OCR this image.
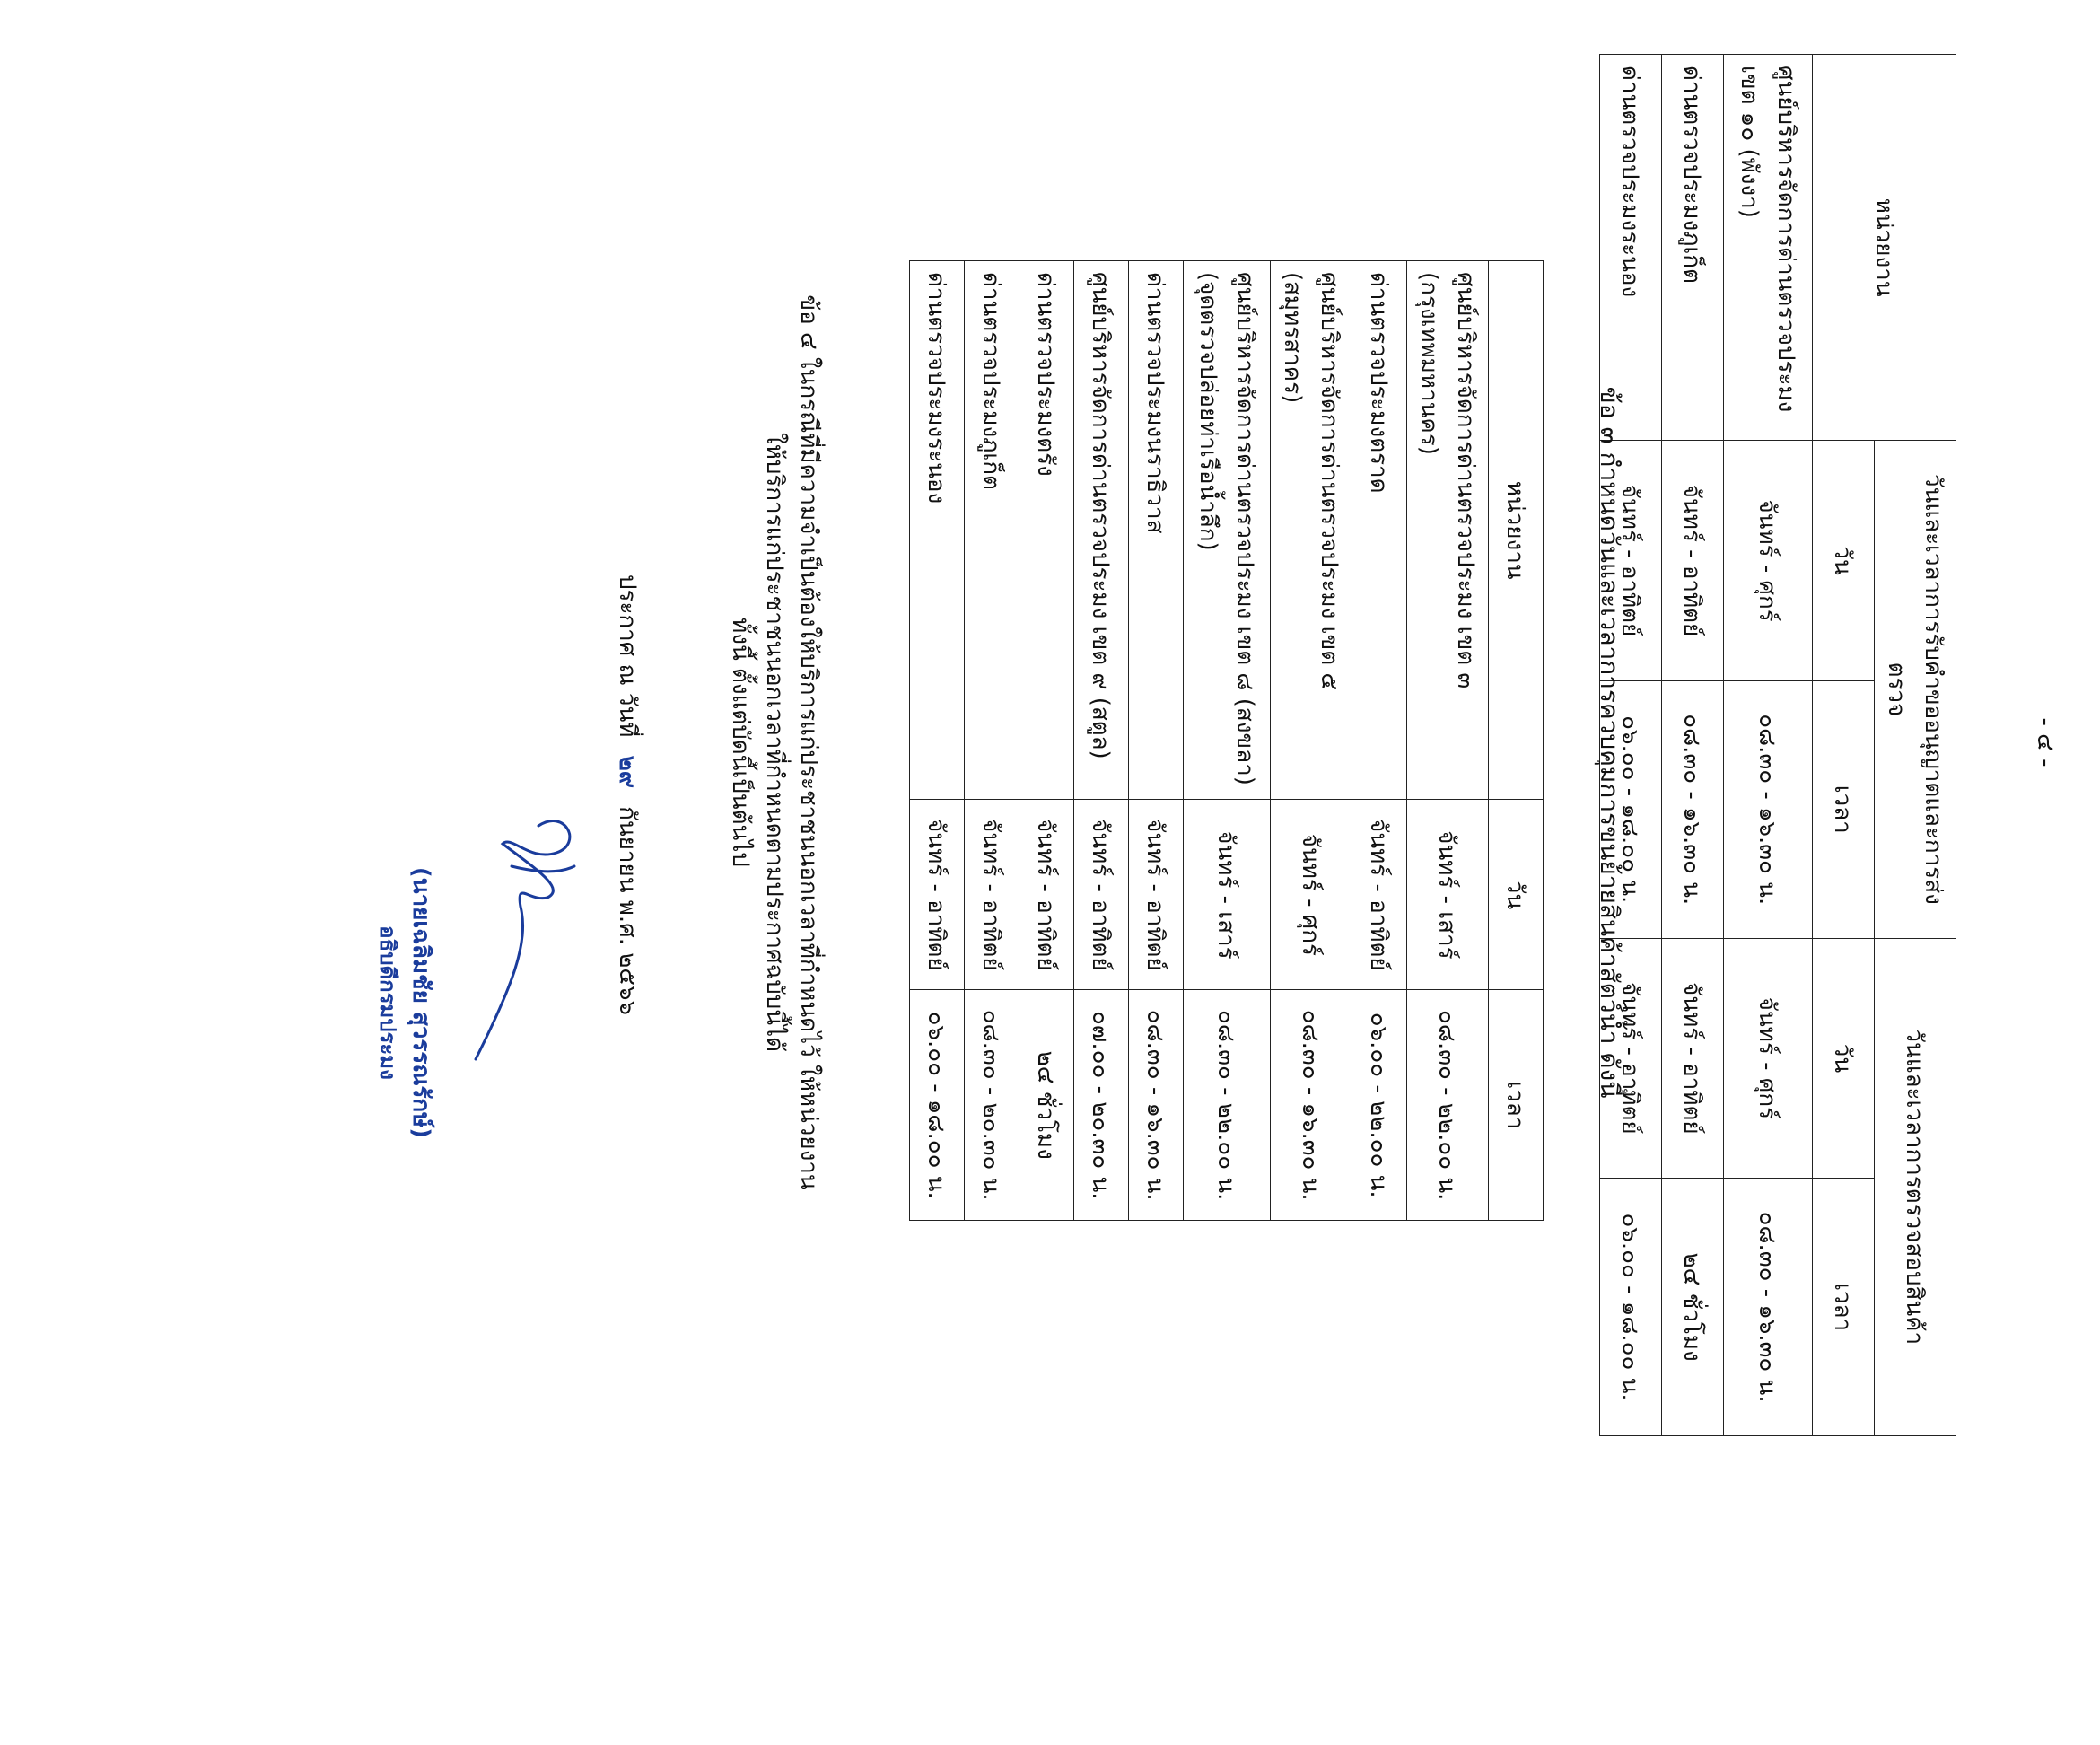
- ๔ -
หน่วยงาน	วันและเวลาการรับคำขออนุญาตและการส่งตรวจ		วันและเวลาการตรวจสอบสินค้า	
	วัน	เวลา	วัน	เวลา
ศูนย์บริหารจัดการด่านตรวจประมง เขต ๑๐ (พังงา)	จันทร์ - ศุกร์	๐๘.๓๐ - ๑๖.๓๐ น.	จันทร์ - ศุกร์	๐๘.๓๐ - ๑๖.๓๐ น.
ด่านตรวจประมงภูเก็ต	จันทร์ - อาทิตย์	๐๘.๓๐ - ๑๖.๓๐ น.	จันทร์ - อาทิตย์	๒๔ ชั่วโมง
ด่านตรวจประมงระนอง	จันทร์ - อาทิตย์	๐๖.๐๐ - ๑๘.๐๐ น.	จันทร์ - อาทิตย์	๐๖.๐๐ - ๑๘.๐๐ น.
ข้อ ๓ กำหนดวันและเวลาการควบคุมการขนย้ายสินค้าสัตว์น้ำ ดังนี้
หน่วยงาน	วัน	เวลา
ศูนย์บริหารจัดการด่านตรวจประมง เขต ๓ (กรุงเทพมหานคร)	จันทร์ - เสาร์	๐๘.๓๐ - ๒๒.๐๐ น.
ด่านตรวจประมงตราด	จันทร์ - อาทิตย์	๐๖.๐๐ - ๒๒.๐๐ น.
ศูนย์บริหารจัดการด่านตรวจประมง เขต ๕ (สมุทรสาคร)	จันทร์ - ศุกร์	๐๘.๓๐ - ๑๖.๓๐ น.
ศูนย์บริหารจัดการด่านตรวจประมง เขต ๘ (สงขลา) (จุดตรวจปล่อยท่าเรือน้ำลึก)	จันทร์ - เสาร์	๐๘.๓๐ - ๒๒.๐๐ น.
ด่านตรวจประมงนราธิวาส	จันทร์ - อาทิตย์	๐๘.๓๐ - ๑๖.๓๐ น.
ศูนย์บริหารจัดการด่านตรวจประมง เขต ๙ (สตูล)	จันทร์ - อาทิตย์	๐๗.๐๐ - ๒๐.๓๐ น.
ด่านตรวจประมงตรัง	จันทร์ - อาทิตย์	๒๔ ชั่วโมง
ด่านตรวจประมงภูเก็ต	จันทร์ - อาทิตย์	๐๘.๓๐ - ๒๐.๓๐ น.
ด่านตรวจประมงระนอง	จันทร์ - อาทิตย์	๐๖.๐๐ - ๑๘.๐๐ น.
ข้อ ๔ ในกรณีที่มีความจำเป็นต้องให้บริการแก่ประชาชนนอกเวลาที่กำหนดไว้ ให้หน่วยงาน
ให้บริการแก่ประชาชนนอกเวลาที่กำหนดตามประกาศฉบับนี้ได้
ทั้งนี้ ตั้งแต่บัดนี้เป็นต้นไป
ประกาศ ณ วันที่ ๒๙ กันยายน พ.ศ. ๒๕๖๖
(นายเฉลิมชัย สุวรรณรักษ์)
อธิบดีกรมประมง
